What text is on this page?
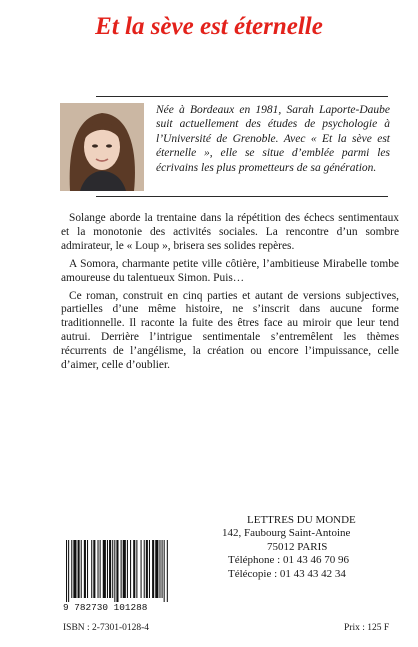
Et la sève est éternelle

Née à Bordeaux en 1981, Sarah Laporte-Daube suit actuellement des études de psychologie à l’Université de Grenoble. Avec « Et la sève est éternelle », elle se situe d’emblée parmi les écrivains les plus prometteurs de sa génération.

Solange aborde la trentaine dans la répétition des échecs sentimentaux et la monotonie des activités sociales. La rencontre d’un sombre admirateur, le « Loup », brisera ses solides repères.

A Somora, charmante petite ville côtière, l’ambitieuse Mirabelle tombe amoureuse du talentueux Simon. Puis…

Ce roman, construit en cinq parties et autant de versions subjectives, partielles d’une même histoire, ne s’inscrit dans aucune forme traditionnelle. Il raconte la fuite des êtres face au miroir que leur tend autrui. Derrière l’intrigue sentimentale s’entremêlent les thèmes récurrents de l’angélisme, la création ou encore l’impuissance, celle d’aimer, celle d’oublier.

LETTRES DU MONDE
142, Faubourg Saint-Antoine
75012 PARIS
Téléphone : 01 43 46 70 96
Télécopie : 01 43 43 42 34
9 782730 101288
ISBN : 2-7301-0128-4	Prix : 125 F
